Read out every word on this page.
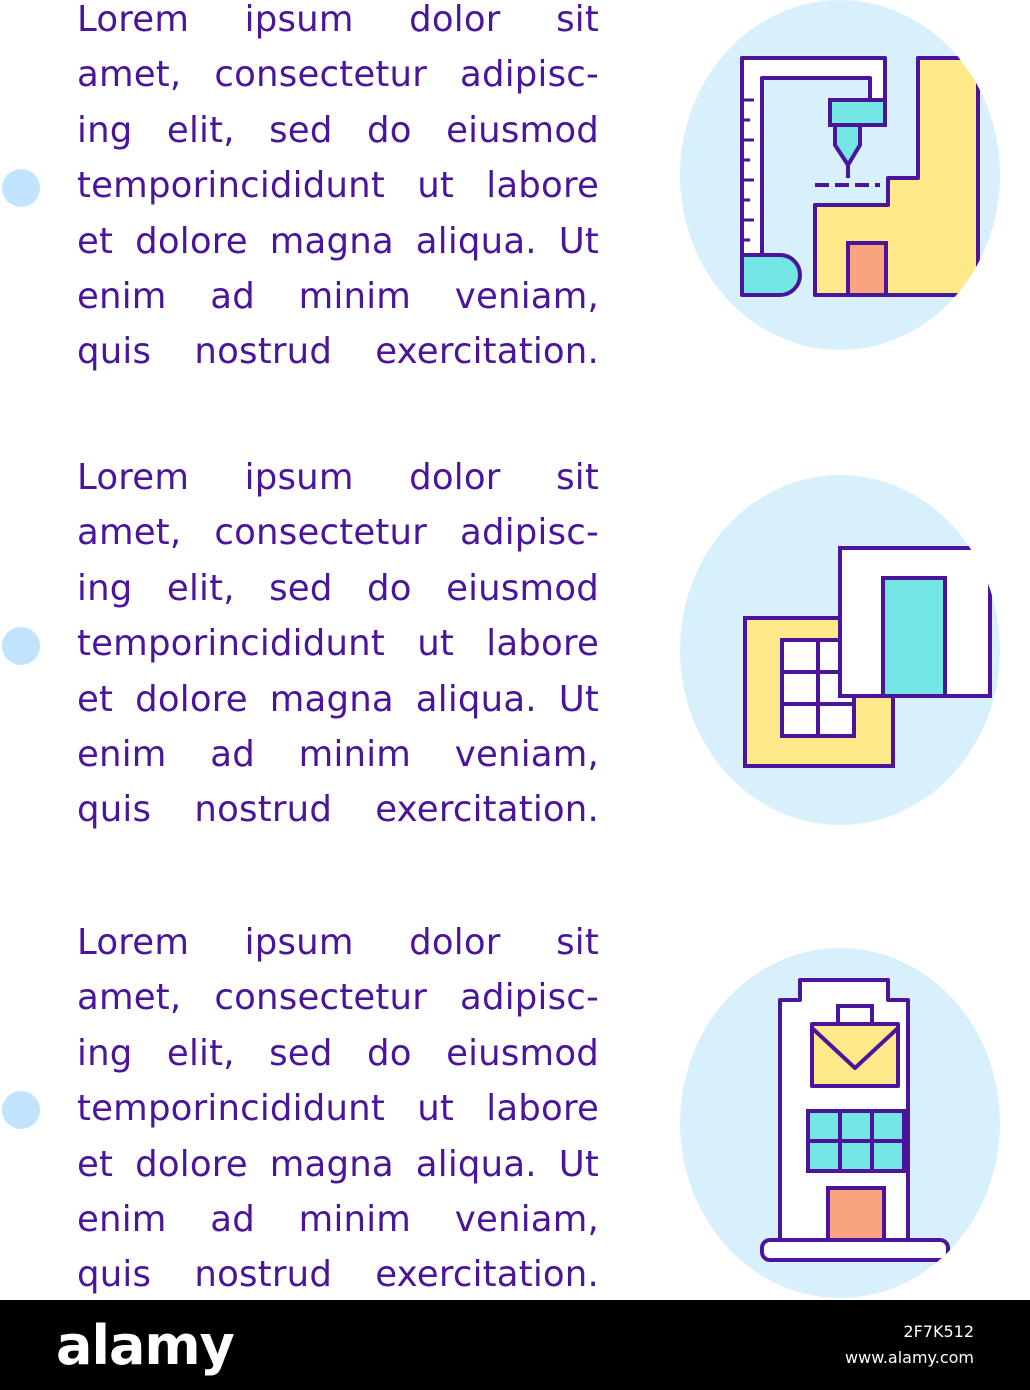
Lorem ipsum dolor sit
amet, consectetur adipisc-
ing elit, sed do eiusmod
temporincididunt ut labore
et dolore magna aliqua. Ut
enim ad minim veniam,
quis nostrud exercitation.

Lorem ipsum dolor sit
amet, consectetur adipisc-
ing elit, sed do eiusmod
temporincididunt ut labore
et dolore magna aliqua. Ut
enim ad minim veniam,
quis nostrud exercitation.

Lorem ipsum dolor sit
amet, consectetur adipisc-
ing elit, sed do eiusmod
temporincididunt ut labore
et dolore magna aliqua. Ut
enim ad minim veniam,
quis nostrud exercitation.

alamy	2F7K512
www.alamy.com
